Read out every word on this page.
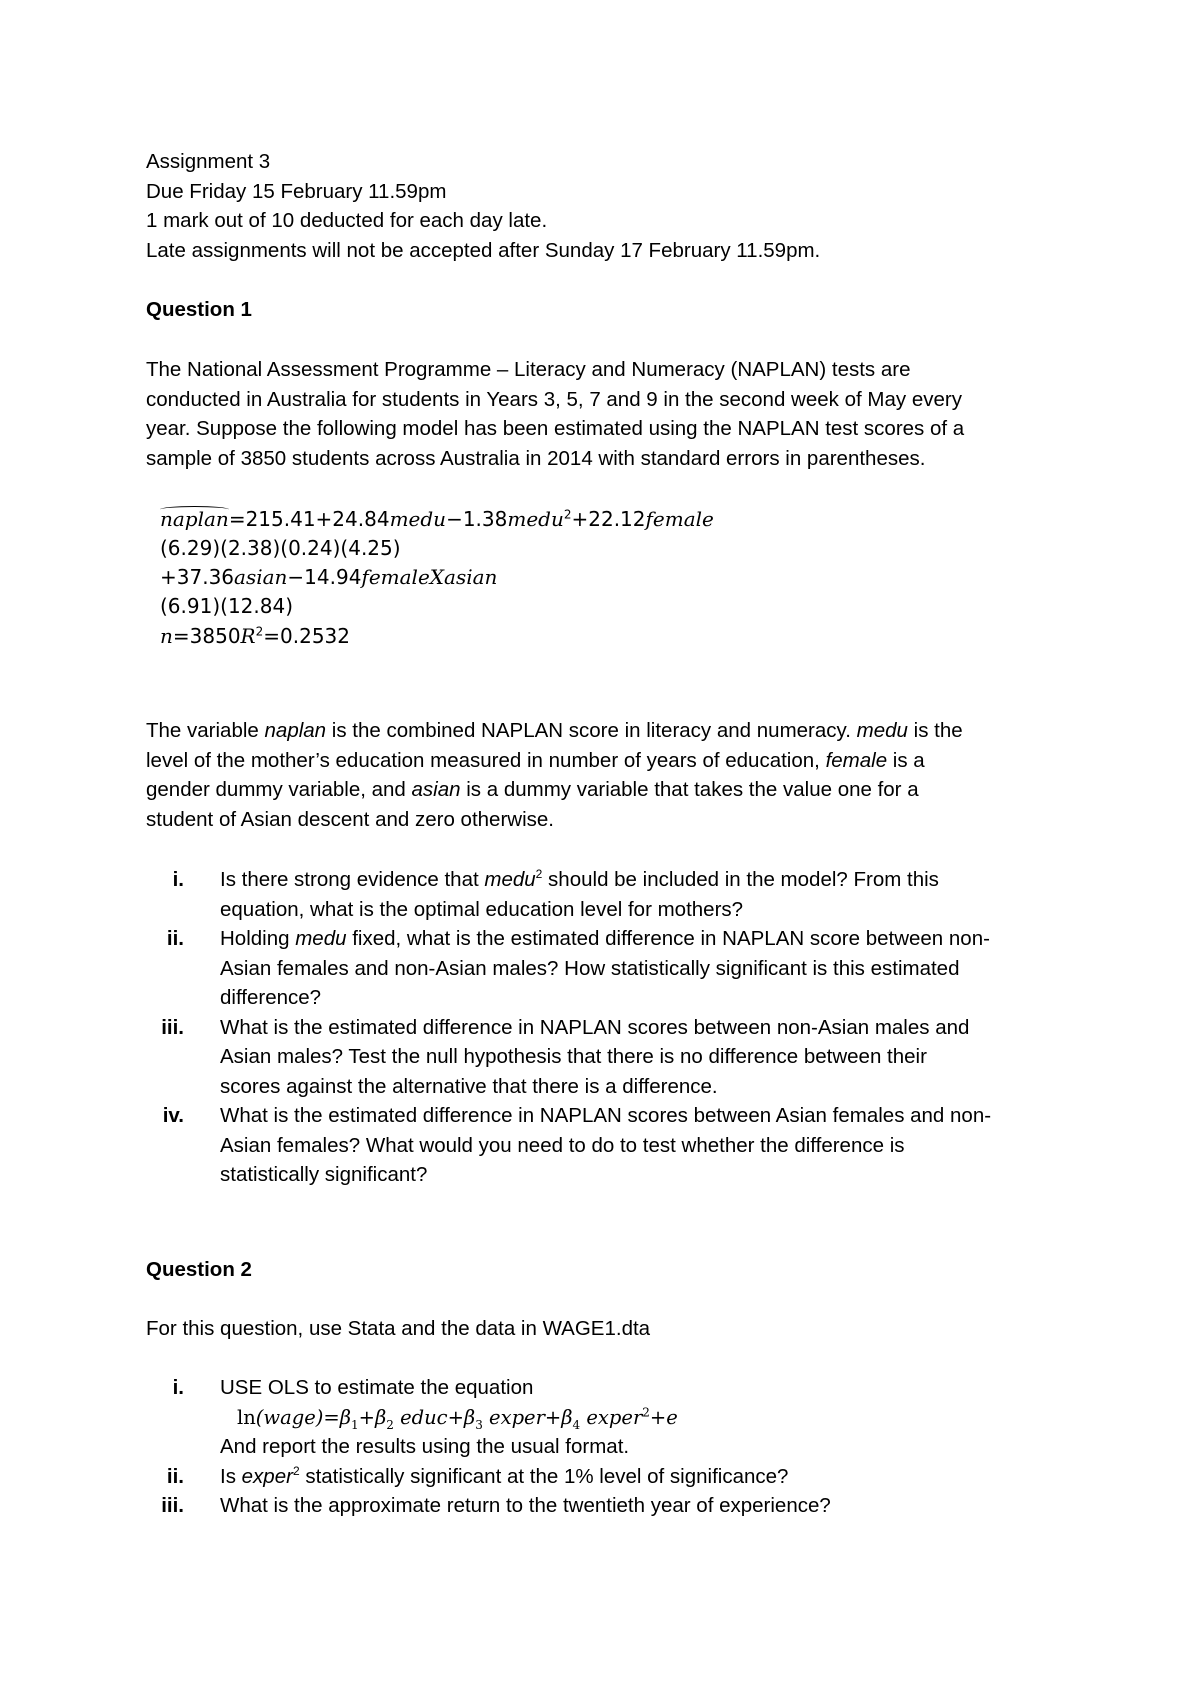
Assignment 3
Due Friday 15 February 11.59pm
1 mark out of 10 deducted for each day late.
Late assignments will not be accepted after Sunday 17 February 11.59pm.
Question 1
The National Assessment Programme – Literacy and Numeracy (NAPLAN) tests are
conducted in Australia for students in Years 3, 5, 7 and 9 in the second week of May every
year. Suppose the following model has been estimated using the NAPLAN test scores of a
sample of 3850 students across Australia in 2014 with standard errors in parentheses.
naplan=215.41+24.84medu−1.38medu$^2$+22.12female
(6.29)(2.38)(0.24)(4.25)
+37.36asian−14.94femaleXasian
(6.91)(12.84)
$n=3850R^2=0.2532$
The variable naplan is the combined NAPLAN score in literacy and numeracy. medu is the
level of the mother’s education measured in number of years of education, female is a
gender dummy variable, and asian is a dummy variable that takes the value one for a
student of Asian descent and zero otherwise.
i. Is there strong evidence that medu$^2$ should be included in the model? From this
equation, what is the optimal education level for mothers?
ii. Holding medu fixed, what is the estimated difference in NAPLAN score between non-
Asian females and non-Asian males? How statistically significant is this estimated
difference?
iii. What is the estimated difference in NAPLAN scores between non-Asian males and
Asian males? Test the null hypothesis that there is no difference between their
scores against the alternative that there is a difference.
iv. What is the estimated difference in NAPLAN scores between Asian females and non-
Asian females? What would you need to do to test whether the difference is
statistically significant?
Question 2
For this question, use Stata and the data in WAGE1.dta
i. USE OLS to estimate the equation
$\ln(wage)=\beta_1+\beta_2$ $educ+\beta_3$ $exper+\beta_4$ exper$^2$+e
And report the results using the usual format.
ii. Is exper$^2$ statistically significant at the 1% level of significance?
iii. What is the approximate return to the twentieth year of experience?
